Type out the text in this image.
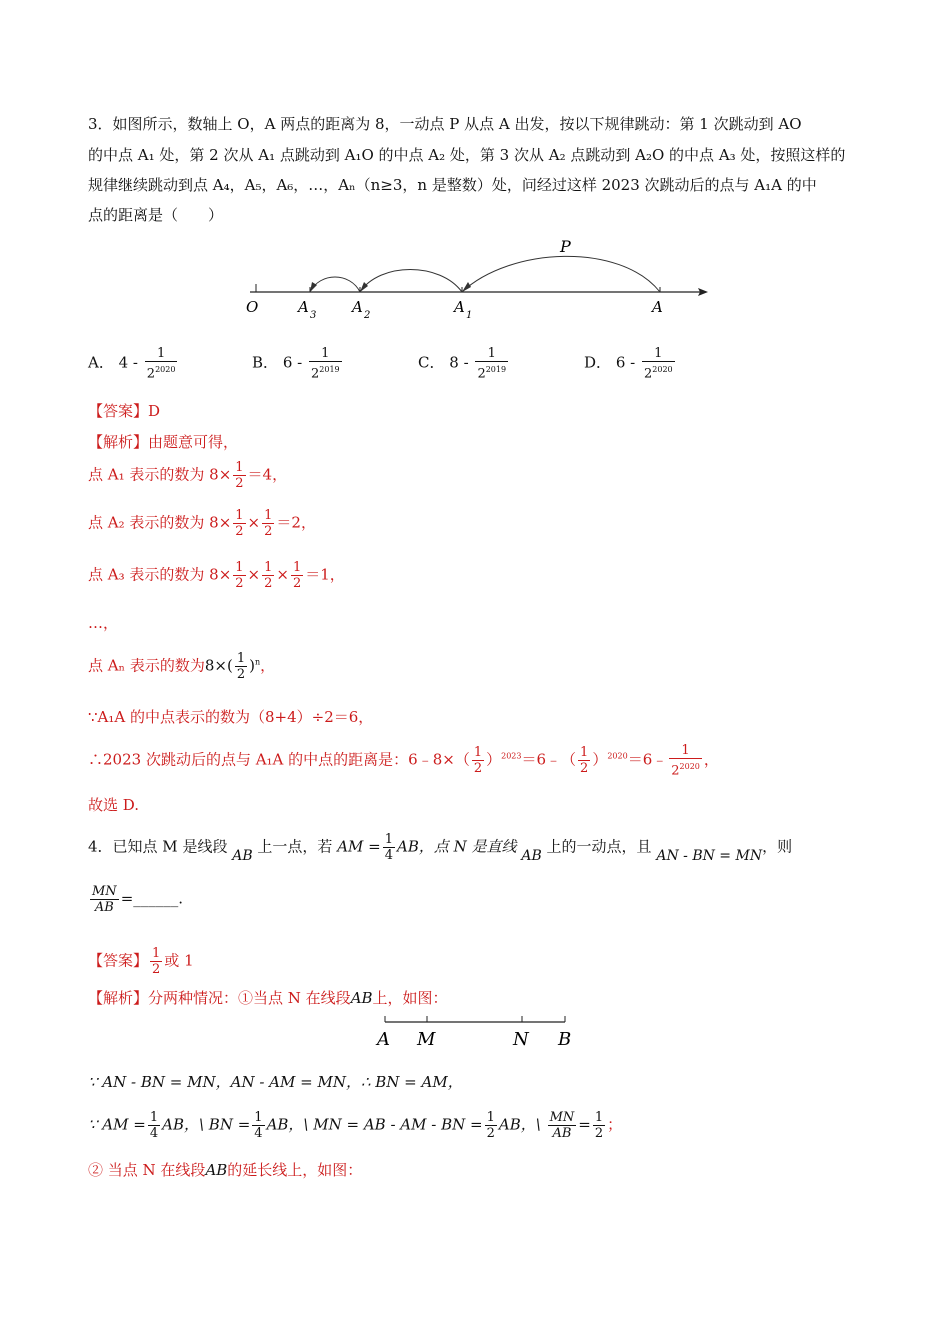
3．如图所示，数轴上 O，A 两点的距离为 8，一动点 P 从点 A 出发，按以下规律跳动：第 1 次跳动到 AO
的中点 A₁ 处，第 2 次从 A₁ 点跳动到 A₁O 的中点 A₂ 处，第 3 次从 A₂ 点跳动到 A₂O 的中点 A₃ 处，按照这样的
规律继续跳动到点 A₄，A₅，A₆，…，Aₙ（n≥3，n 是整数）处，问经过这样 2023 次跳动后的点与 A₁A 的中
点的距离是（　　）
P
O	A 3 A 2	A 1	A
A． $4 - \frac{1}{2^{2020}}$	B． $6 - \frac{1}{2^{2019}}$	C． $8 - \frac{1}{2^{2019}}$	D． $6 - \frac{1}{2^{2020}}$
【答案】D
【解析】由题意可得，
点 A₁ 表示的数为 $8\times \frac{1}{2} =4$，
点 A₂ 表示的数为 $8\times \frac{1}{2} \times \frac{1}{2} =2$，
点 A₃ 表示的数为 $8\times \frac{1}{2} \times \frac{1}{2} \times \frac{1}{2} =1$，
…，
点 Aₙ 表示的数为$8\times( \frac{1}{2} )^n$，
∵A₁A 的中点表示的数为（8+4）÷2＝6，
∴2023 次跳动后的点与 A₁A 的中点的距离是：6﹣8×（ $\frac{1}{2}$ ）$^{2023}$＝6﹣（ $\frac{1}{2}$ ）$^{2020}$＝6﹣ $\frac{1}{2^{2020}}$ ，
故选 D.
4．已知点 M 是线段 AB 上一点，若 AM = $\frac{1}{4}$ AB，点 N 是直线 AB 上的一动点，且 AN - BN = MN，则
$\frac{MN}{AB}$ =______.
【答案】 $\frac{1}{2}$ 或 1
【解析】分两种情况：①当点 N 在线段AB上，如图：
A M	N B
∵ AN - BN = MN，AN - AM = MN，∴ BN = AM，
∵ AM = $\frac{1}{4}$ AB，\ BN = $\frac{1}{4}$ AB，\ MN = AB - AM - BN = $\frac{1}{2}$ AB，\ $\frac{MN}{AB} = \frac{1}{2}$ ；
② 当点 N 在线段AB的延长线上，如图：
